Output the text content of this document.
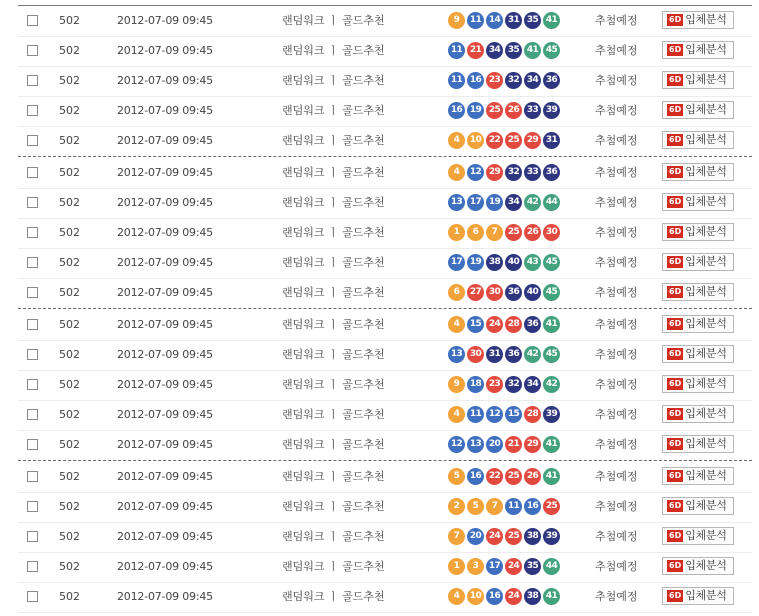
502	2012-07-09 09:45	랜덤워크 ㅣ 골드추천	9 11 14 31 35 41	추첨예정	6D 입체분석
502	2012-07-09 09:45	랜덤워크 ㅣ 골드추천	11 21 34 35 41 45	추첨예정	6D 입체분석
502	2012-07-09 09:45	랜덤워크 ㅣ 골드추천	11 16 23 32 34 36	추첨예정	6D 입체분석
502	2012-07-09 09:45	랜덤워크 ㅣ 골드추천	16 19 25 26 33 39	추첨예정	6D 입체분석
502	2012-07-09 09:45	랜덤워크 ㅣ 골드추천	4 10 22 25 29 31	추첨예정	6D 입체분석
502	2012-07-09 09:45	랜덤워크 ㅣ 골드추천	4 12 29 32 33 36	추첨예정	6D 입체분석
502	2012-07-09 09:45	랜덤워크 ㅣ 골드추천	13 17 19 34 42 44	추첨예정	6D 입체분석
502	2012-07-09 09:45	랜덤워크 ㅣ 골드추천	1 6 7 25 26 30	추첨예정	6D 입체분석
502	2012-07-09 09:45	랜덤워크 ㅣ 골드추천	17 19 38 40 43 45	추첨예정	6D 입체분석
502	2012-07-09 09:45	랜덤워크 ㅣ 골드추천	6 27 30 36 40 45	추첨예정	6D 입체분석
502	2012-07-09 09:45	랜덤워크 ㅣ 골드추천	4 15 24 28 36 41	추첨예정	6D 입체분석
502	2012-07-09 09:45	랜덤워크 ㅣ 골드추천	13 30 31 36 42 45	추첨예정	6D 입체분석
502	2012-07-09 09:45	랜덤워크 ㅣ 골드추천	9 18 23 32 34 42	추첨예정	6D 입체분석
502	2012-07-09 09:45	랜덤워크 ㅣ 골드추천	4 11 12 15 28 39	추첨예정	6D 입체분석
502	2012-07-09 09:45	랜덤워크 ㅣ 골드추천	12 13 20 21 29 41	추첨예정	6D 입체분석
502	2012-07-09 09:45	랜덤워크 ㅣ 골드추천	5 16 22 25 26 41	추첨예정	6D 입체분석
502	2012-07-09 09:45	랜덤워크 ㅣ 골드추천	2 5 7 11 16 25	추첨예정	6D 입체분석
502	2012-07-09 09:45	랜덤워크 ㅣ 골드추천	7 20 24 25 38 39	추첨예정	6D 입체분석
502	2012-07-09 09:45	랜덤워크 ㅣ 골드추천	1 3 17 24 35 44	추첨예정	6D 입체분석
502	2012-07-09 09:45	랜덤워크 ㅣ 골드추천	4 10 16 24 38 41	추첨예정	6D 입체분석
